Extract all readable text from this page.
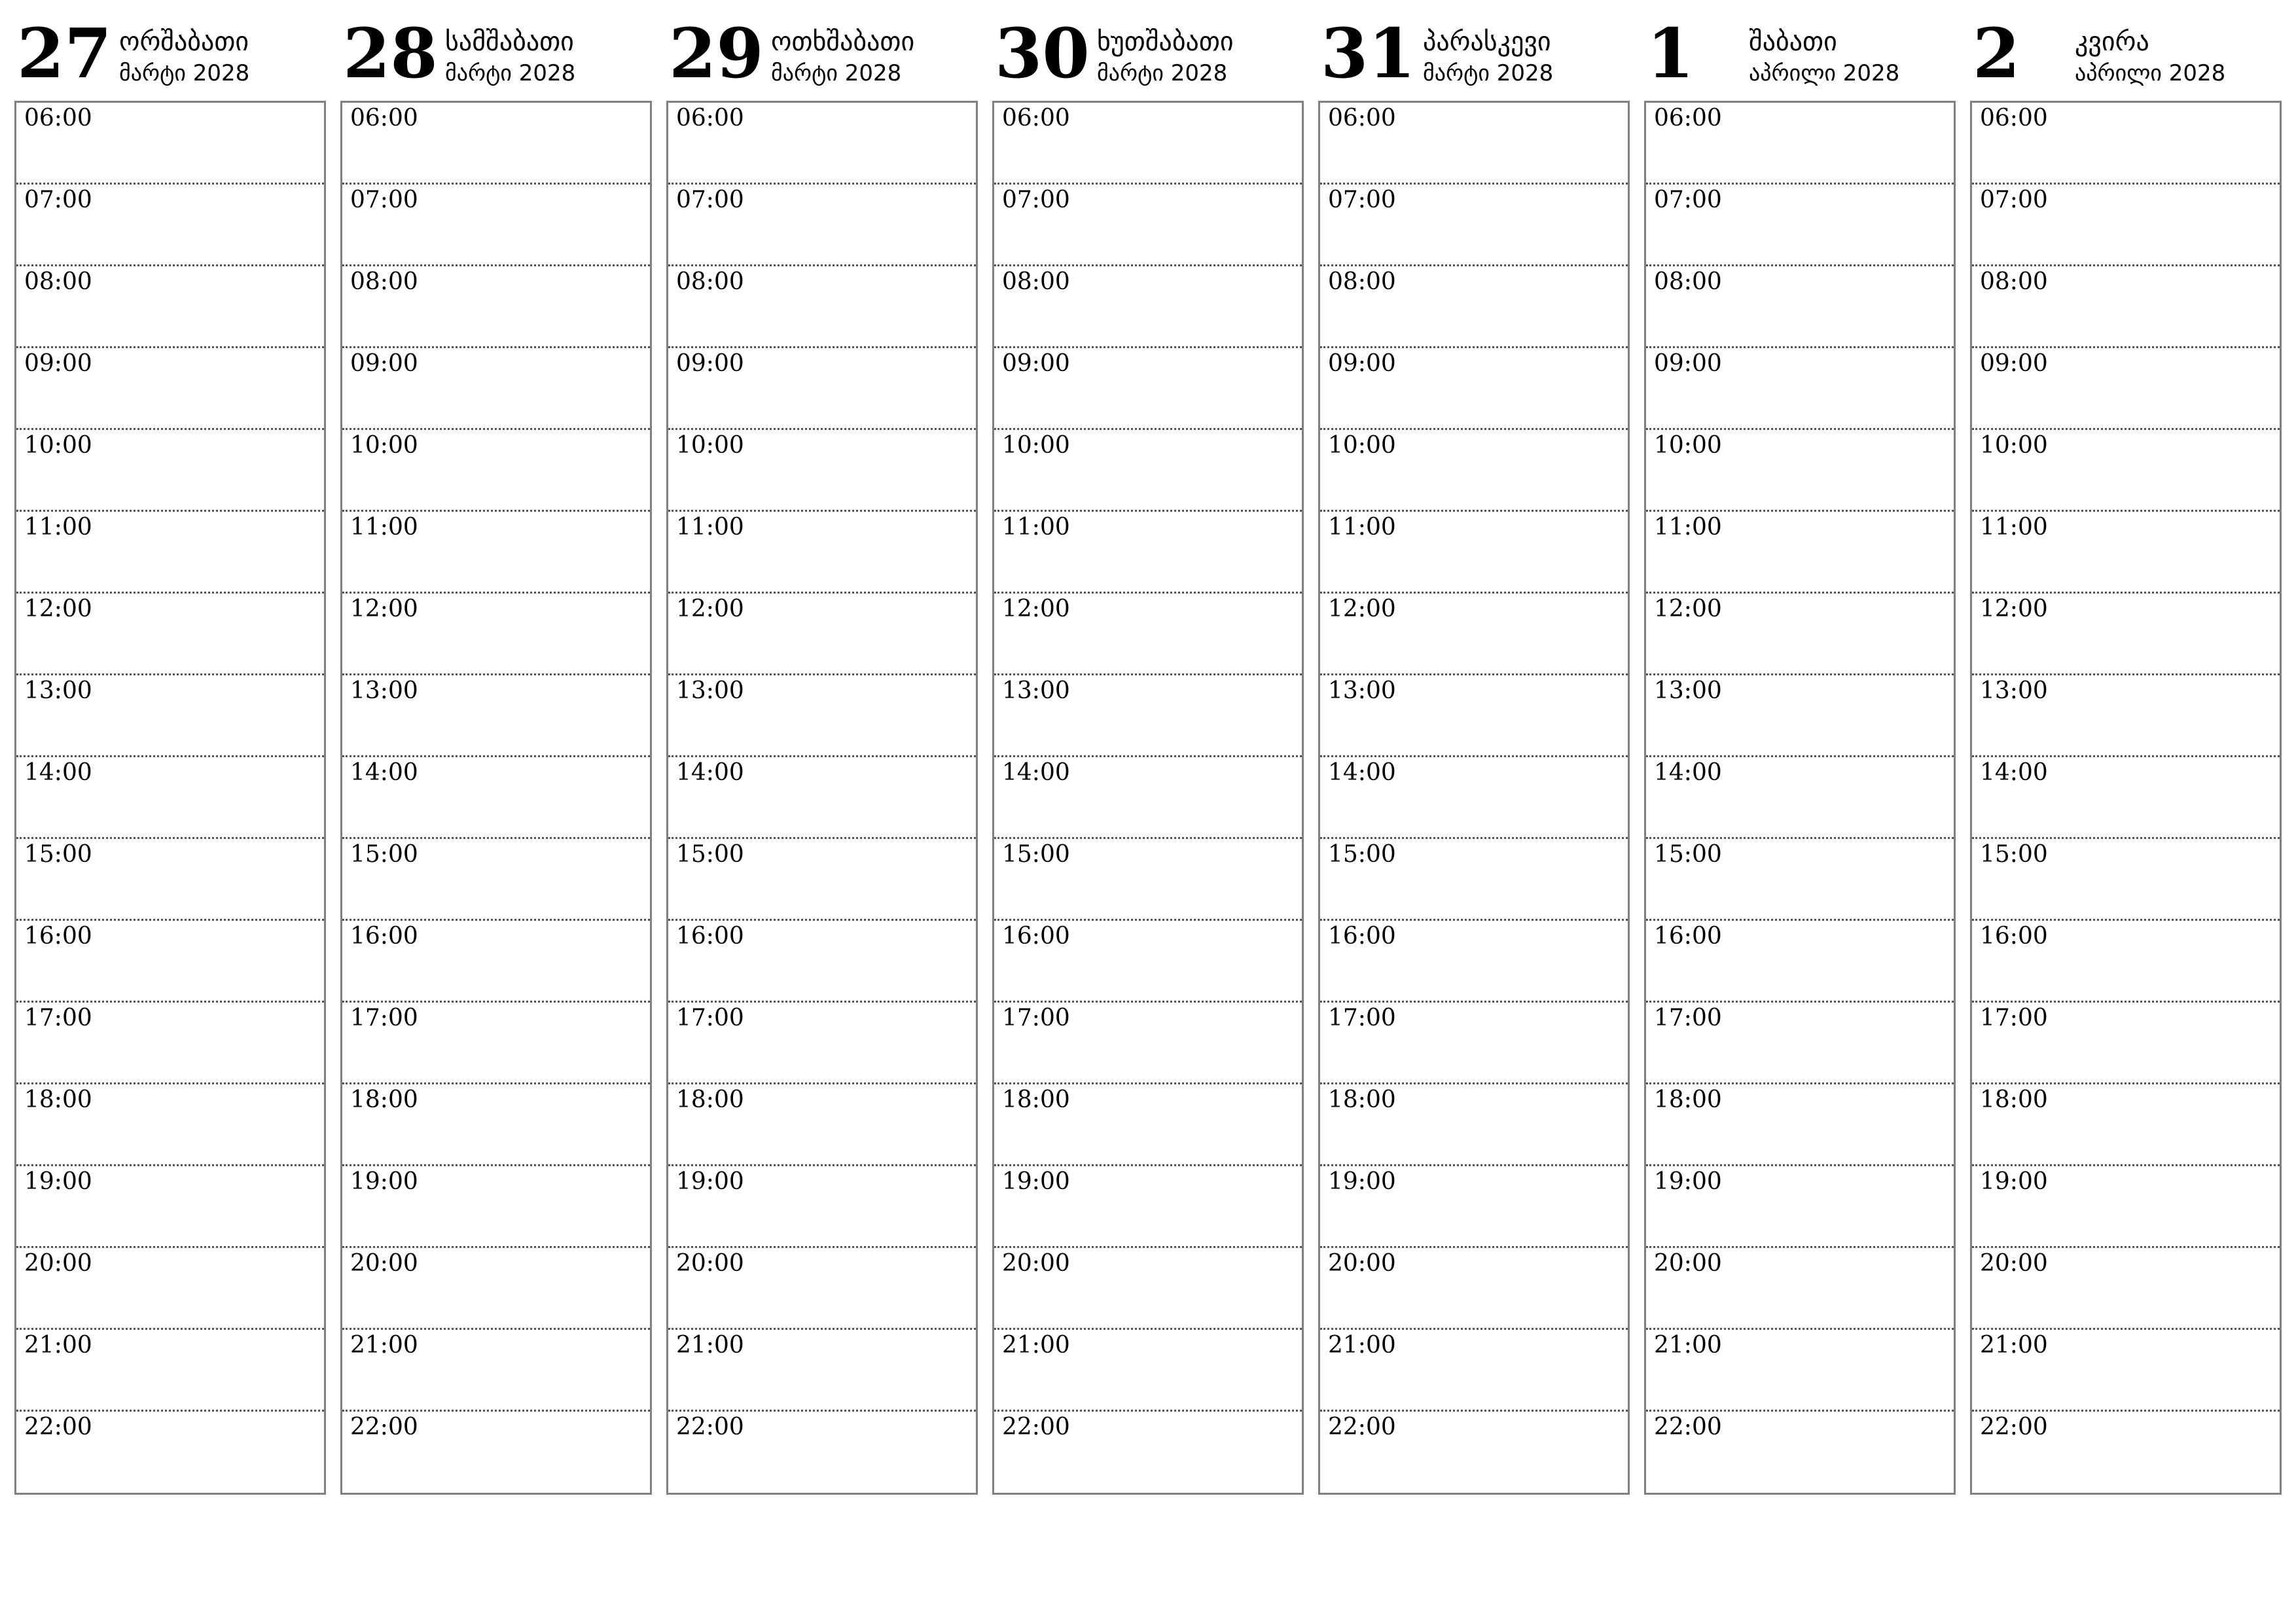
27 ორშაბათი
მარტი 2028
06:00
07:00
08:00
09:00
10:00
11:00
12:00
13:00
14:00
15:00
16:00
17:00
18:00
19:00
20:00
21:00
22:00
28 სამშაბათი
მარტი 2028
06:00
07:00
08:00
09:00
10:00
11:00
12:00
13:00
14:00
15:00
16:00
17:00
18:00
19:00
20:00
21:00
22:00
29 ოთხშაბათი
მარტი 2028
06:00
07:00
08:00
09:00
10:00
11:00
12:00
13:00
14:00
15:00
16:00
17:00
18:00
19:00
20:00
21:00
22:00
30 ხუთშაბათი
მარტი 2028
06:00
07:00
08:00
09:00
10:00
11:00
12:00
13:00
14:00
15:00
16:00
17:00
18:00
19:00
20:00
21:00
22:00
31 პარასკევი
მარტი 2028
06:00
07:00
08:00
09:00
10:00
11:00
12:00
13:00
14:00
15:00
16:00
17:00
18:00
19:00
20:00
21:00
22:00
1 შაბათი
აპრილი 2028
06:00
07:00
08:00
09:00
10:00
11:00
12:00
13:00
14:00
15:00
16:00
17:00
18:00
19:00
20:00
21:00
22:00
2 კვირა
აპრილი 2028
06:00
07:00
08:00
09:00
10:00
11:00
12:00
13:00
14:00
15:00
16:00
17:00
18:00
19:00
20:00
21:00
22:00
